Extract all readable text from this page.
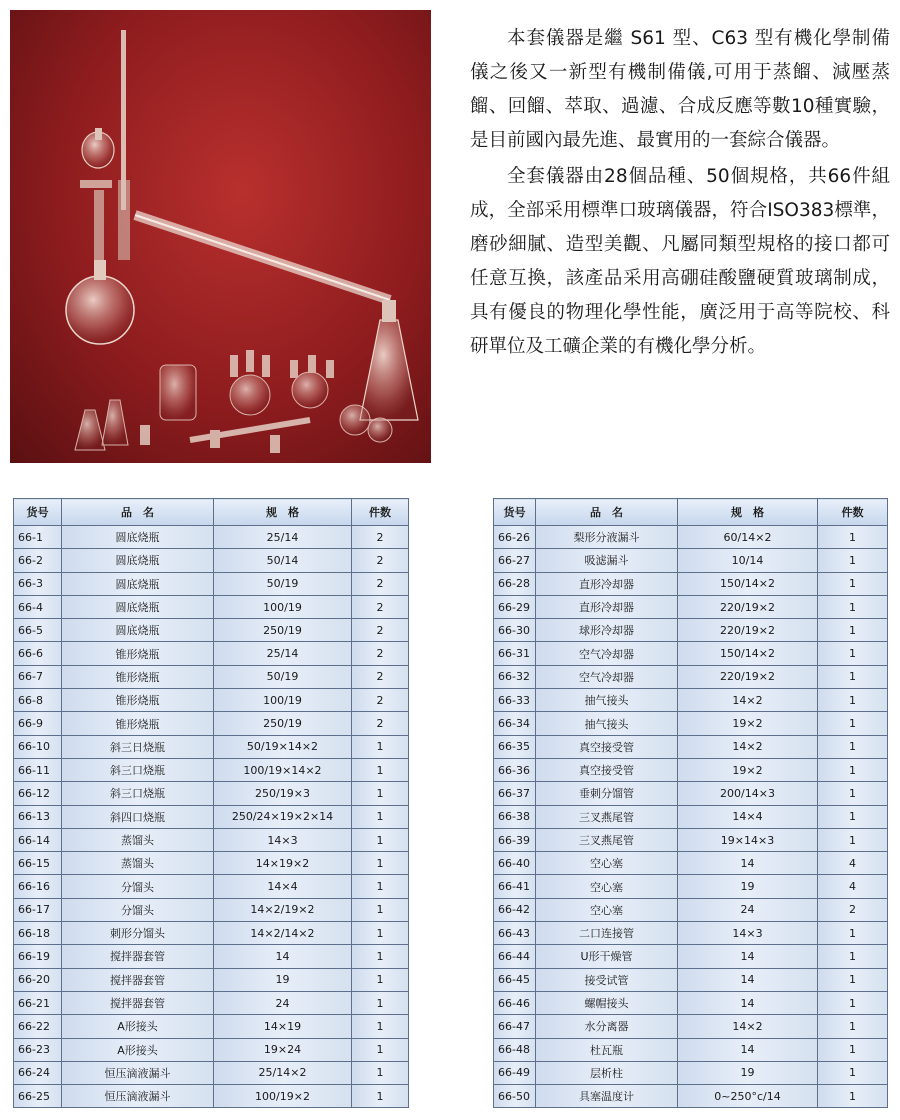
本套儀器是繼 S61 型、C63 型有機化學制備儀之後又一新型有機制備儀,可用于蒸餾、減壓蒸餾、回餾、萃取、過濾、合成反應等數10種實驗，是目前國內最先進、最實用的一套綜合儀器。

全套儀器由28個品種、50個規格，共66件組成，全部采用標準口玻璃儀器，符合ISO383標準，磨砂細膩、造型美觀、凡屬同類型規格的接口都可任意互換，該產品采用高硼硅酸鹽硬質玻璃制成，具有優良的物理化學性能，廣泛用于高等院校、科研單位及工礦企業的有機化學分析。

货号	品　名	规　格	件数
66-1	圆底烧瓶	25/14	2
66-2	圆底烧瓶	50/14	2
66-3	圆底烧瓶	50/19	2
66-4	圆底烧瓶	100/19	2
66-5	圆底烧瓶	250/19	2
66-6	锥形烧瓶	25/14	2
66-7	锥形烧瓶	50/19	2
66-8	锥形烧瓶	100/19	2
66-9	锥形烧瓶	250/19	2
66-10	斜三日烧瓶	50/19×14×2	1
66-11	斜三口烧瓶	100/19×14×2	1
66-12	斜三口烧瓶	250/19×3	1
66-13	斜四口烧瓶	250/24×19×2×14	1
66-14	蒸馏头	14×3	1
66-15	蒸馏头	14×19×2	1
66-16	分馏头	14×4	1
66-17	分馏头	14×2/19×2	1
66-18	刺形分馏头	14×2/14×2	1
66-19	搅拌器套管	14	1
66-20	搅拌器套管	19	1
66-21	搅拌器套管	24	1
66-22	A形接头	14×19	1
66-23	A形接头	19×24	1
66-24	恒压滴液漏斗	25/14×2	1
66-25	恒压滴液漏斗	100/19×2	1
货号	品　名	规　格	件数
66-26	梨形分液漏斗	60/14×2	1
66-27	吸滤漏斗	10/14	1
66-28	直形冷却器	150/14×2	1
66-29	直形冷却器	220/19×2	1
66-30	球形冷却器	220/19×2	1
66-31	空气冷却器	150/14×2	1
66-32	空气冷却器	220/19×2	1
66-33	抽气接头	14×2	1
66-34	抽气接头	19×2	1
66-35	真空接受管	14×2	1
66-36	真空接受管	19×2	1
66-37	垂刺分馏管	200/14×3	1
66-38	三叉燕尾管	14×4	1
66-39	三叉燕尾管	19×14×3	1
66-40	空心塞	14	4
66-41	空心塞	19	4
66-42	空心塞	24	2
66-43	二口连接管	14×3	1
66-44	U形干燥管	14	1
66-45	接受试管	14	1
66-46	螺帽接头	14	1
66-47	水分离器	14×2	1
66-48	杜瓦瓶	14	1
66-49	层析柱	19	1
66-50	具塞温度计	0~250°c/14	1
